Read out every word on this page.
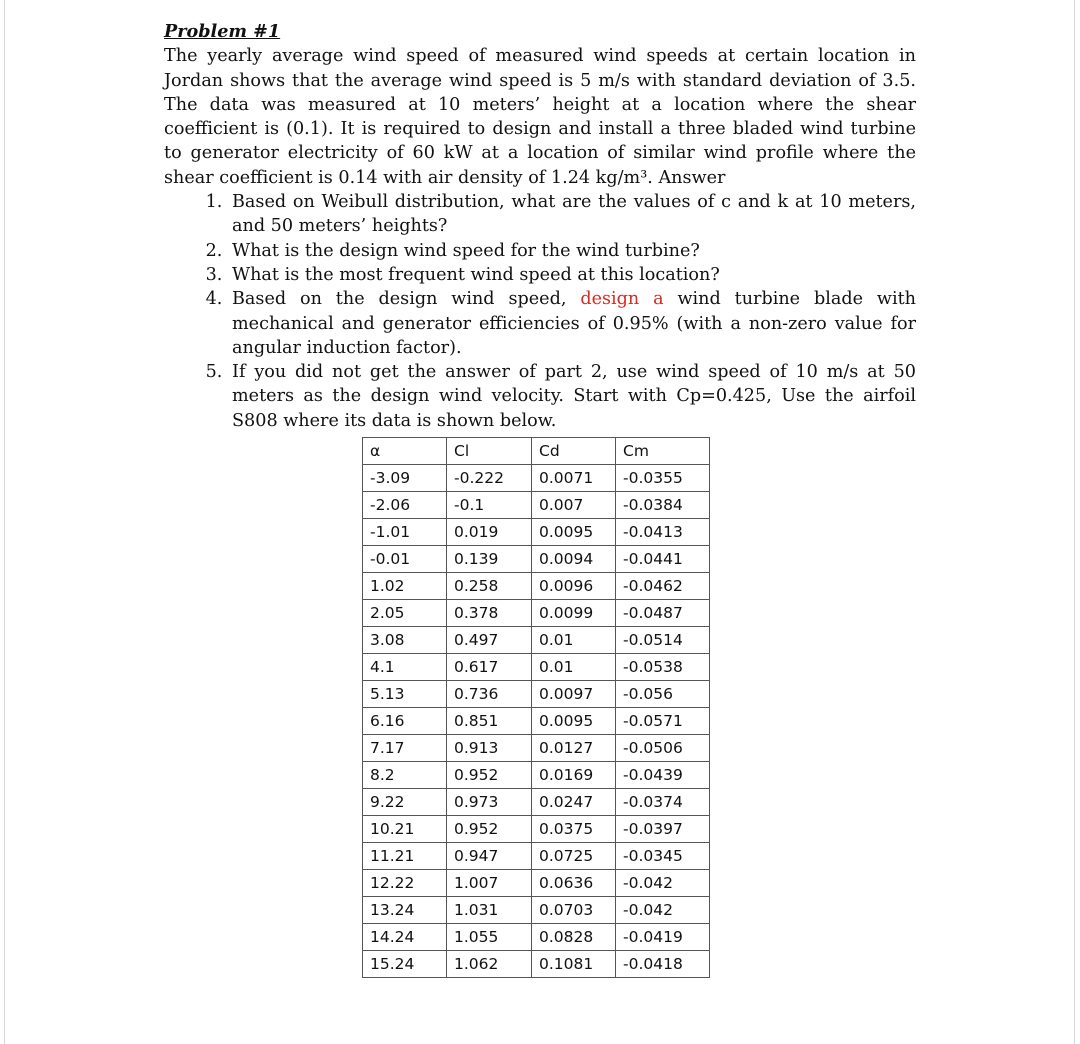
Problem #1
The yearly average wind speed of measured wind speeds at certain location in Jordan shows that the average wind speed is 5 m/s with standard deviation of 3.5. The data was measured at 10 meters’ height at a location where the shear coefficient is (0.1). It is required to design and install a three bladed wind turbine to generator electricity of 60 kW at a location of similar wind profile where the shear coefficient is 0.14 with air density of 1.24 kg/m³. Answer
1. Based on Weibull distribution, what are the values of c and k at 10 meters, and 50 meters’ heights?
2. What is the design wind speed for the wind turbine?
3. What is the most frequent wind speed at this location?
4. Based on the design wind speed, design a wind turbine blade with mechanical and generator efficiencies of 0.95% (with a non-zero value for angular induction factor).
5. If you did not get the answer of part 2, use wind speed of 10 m/s at 50 meters as the design wind velocity. Start with Cp=0.425, Use the airfoil S808 where its data is shown below.
α	Cl	Cd	Cm
-3.09	-0.222	0.0071	-0.0355
-2.06	-0.1	0.007	-0.0384
-1.01	0.019	0.0095	-0.0413
-0.01	0.139	0.0094	-0.0441
1.02	0.258	0.0096	-0.0462
2.05	0.378	0.0099	-0.0487
3.08	0.497	0.01	-0.0514
4.1	0.617	0.01	-0.0538
5.13	0.736	0.0097	-0.056
6.16	0.851	0.0095	-0.0571
7.17	0.913	0.0127	-0.0506
8.2	0.952	0.0169	-0.0439
9.22	0.973	0.0247	-0.0374
10.21	0.952	0.0375	-0.0397
11.21	0.947	0.0725	-0.0345
12.22	1.007	0.0636	-0.042
13.24	1.031	0.0703	-0.042
14.24	1.055	0.0828	-0.0419
15.24	1.062	0.1081	-0.0418
